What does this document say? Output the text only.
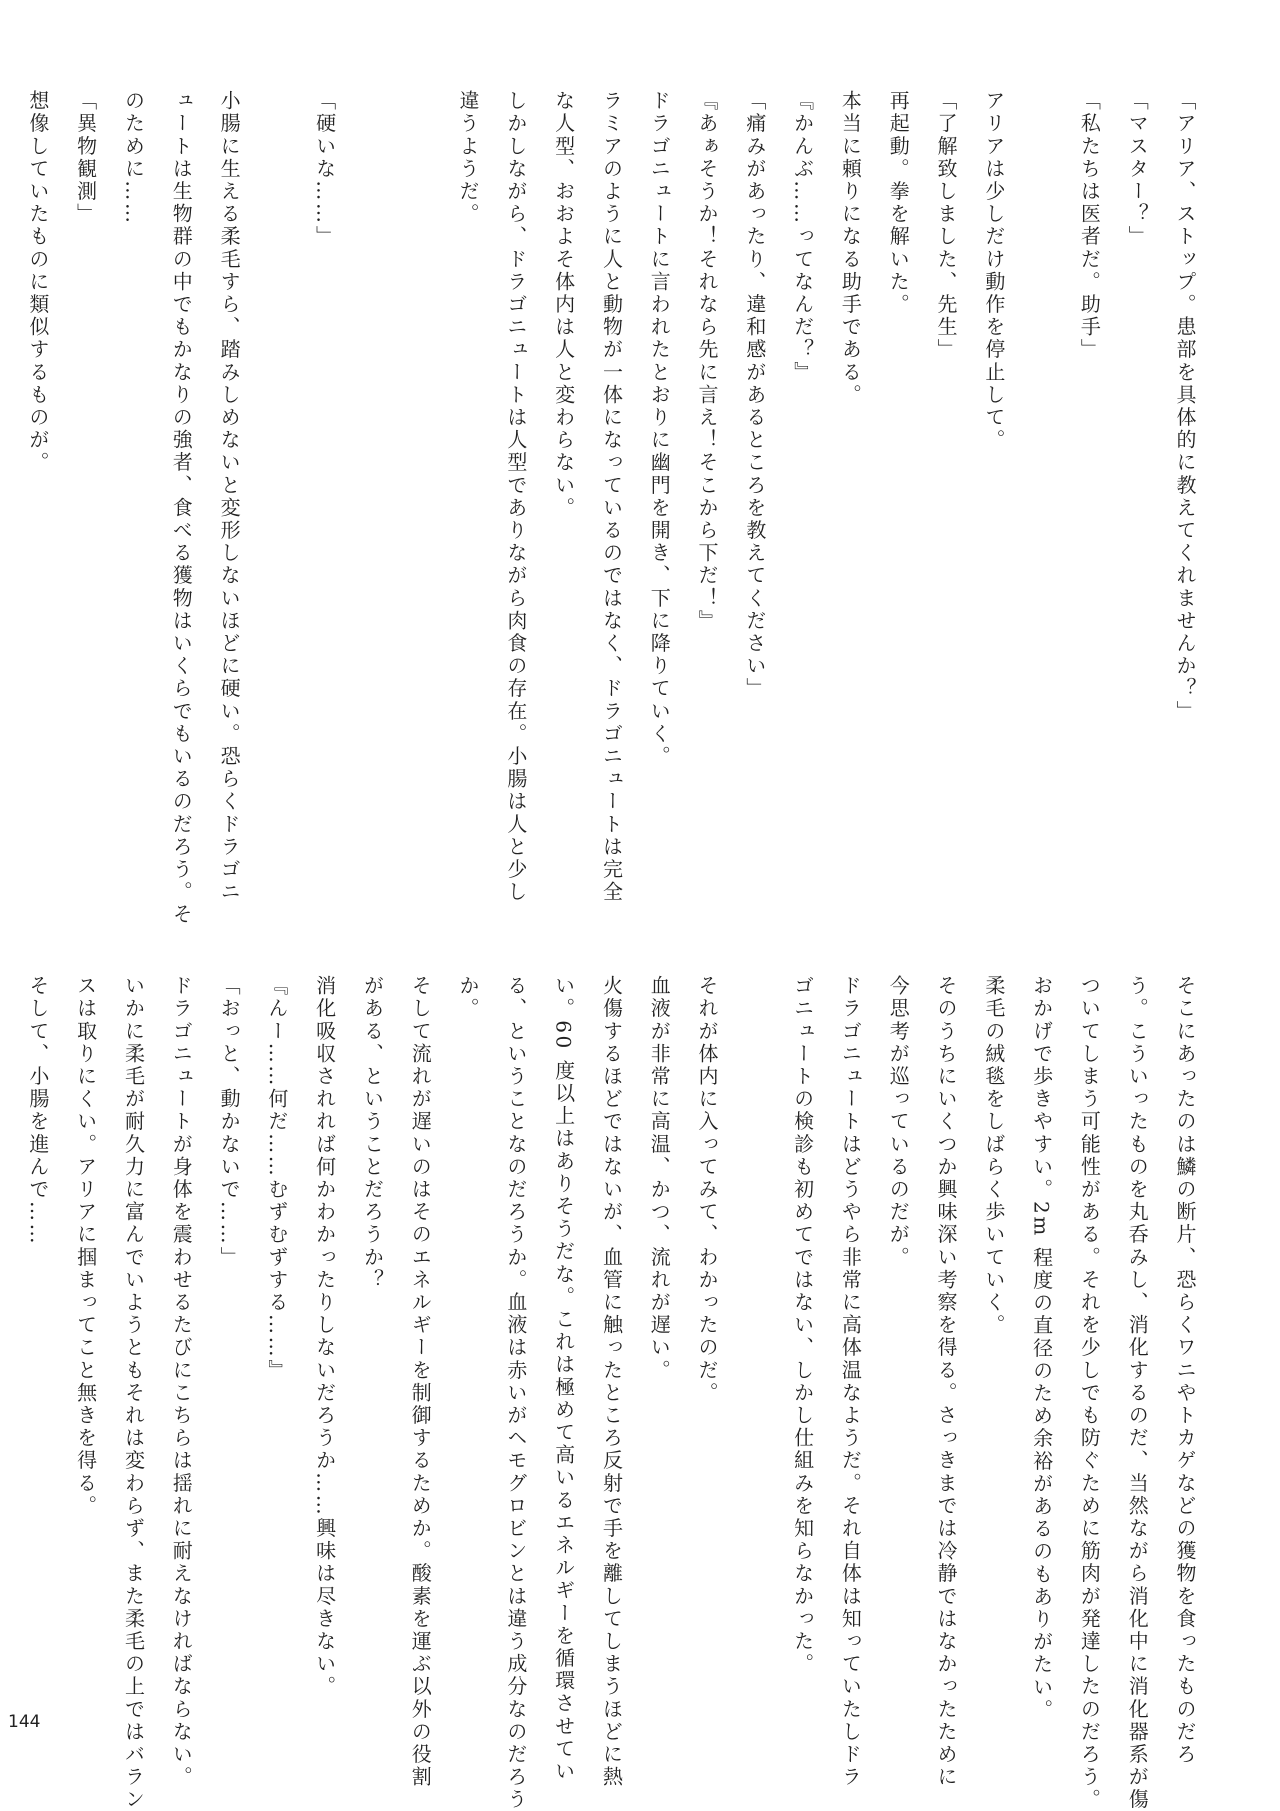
「アリア、ストップ。患部を具体的に教えてくれませんか？」
「マスター？」
「私たちは医者だ。助手」

アリアは少しだけ動作を停止して。
「了解致しました、先生」
再起動。拳を解いた。
本当に頼りになる助手である。
『かんぶ……ってなんだ？』
「痛みがあったり、違和感があるところを教えてください」
『あぁそうか！それなら先に言え！そこから下だ！』
ドラゴニュートに言われたとおりに幽門を開き、下に降りていく。
ラミアのように人と動物が一体になっているのではなく、ドラゴニュートは完全
な人型、おおよそ体内は人と変わらない。
しかしながら、ドラゴニュートは人型でありながら肉食の存在。小腸は人と少し
違うようだ。

「硬いな……」

小腸に生える柔毛すら、踏みしめないと変形しないほどに硬い。恐らくドラゴニ
ュートは生物群の中でもかなりの強者、食べる獲物はいくらでもいるのだろう。そ
のために……
「異物観測」
想像していたものに類似するものが。
そこにあったのは鱗の断片、恐らくワニやトカゲなどの獲物を食ったものだろ
う。こういったものを丸呑みし、消化するのだ、当然ながら消化中に消化器系が傷
ついてしまう可能性がある。それを少しでも防ぐために筋肉が発達したのだろう。
おかげで歩きやすい。2m 程度の直径のため余裕があるのもありがたい。
柔毛の絨毯をしばらく歩いていく。
そのうちにいくつか興味深い考察を得る。さっきまでは冷静ではなかったために
今思考が巡っているのだが。
ドラゴニュートはどうやら非常に高体温なようだ。それ自体は知っていたしドラ
ゴニュートの検診も初めてではない、しかし仕組みを知らなかった。

それが体内に入ってみて、わかったのだ。
血液が非常に高温、かつ、流れが遅い。
火傷するほどではないが、血管に触ったところ反射で手を離してしまうほどに熱
い。60 度以上はありそうだな。これは極めて高いるエネルギーを循環させてい
る、ということなのだろうか。血液は赤いがヘモグロビンとは違う成分なのだろう
か。
そして流れが遅いのはそのエネルギーを制御するためか。酸素を運ぶ以外の役割
がある、ということだろうか？
消化吸収されれば何かわかったりしないだろうか……興味は尽きない。
『んー……何だ……むずむずする……』
「おっと、動かないで……」
ドラゴニュートが身体を震わせるたびにこちらは揺れに耐えなければならない。
いかに柔毛が耐久力に富んでいようともそれは変わらず、また柔毛の上ではバラン
スは取りにくい。アリアに掴まってこと無きを得る。
そして、小腸を進んで……
144
